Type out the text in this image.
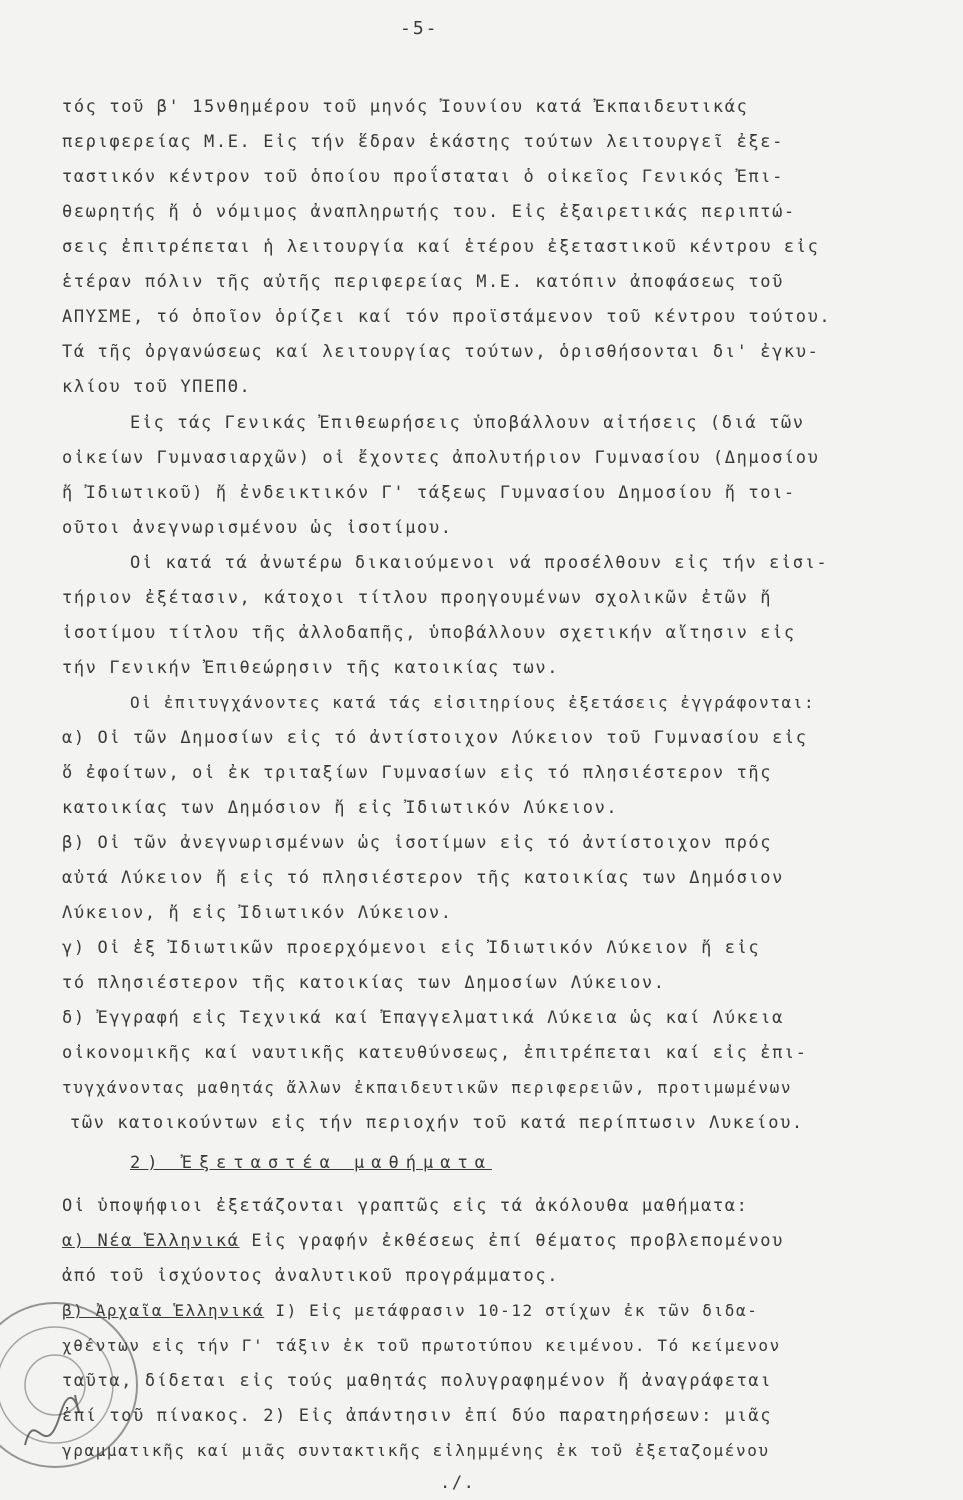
-5-
τός τοῦ β' 15νθημέρου τοῦ μηνός Ἰουνίου κατά Ἐκπαιδευτικάς
περιφερείας Μ.Ε. Εἰς τήν ἕδραν ἑκάστης τούτων λειτουργεῖ ἐξε-
ταστικόν κέντρον τοῦ ὁποίου προΐσταται ὁ οἰκεῖος Γενικός Ἐπι-
θεωρητής ἤ ὁ νόμιμος ἀναπληρωτής του. Εἰς ἐξαιρετικάς περιπτώ-
σεις ἐπιτρέπεται ἡ λειτουργία καί ἑτέρου ἐξεταστικοῦ κέντρου εἰς
ἑτέραν πόλιν τῆς αὐτῆς περιφερείας Μ.Ε. κατόπιν ἀποφάσεως τοῦ
ΑΠΥΣΜΕ, τό ὁποῖον ὁρίζει καί τόν προϊστάμενον τοῦ κέντρου τούτου.
Τά τῆς ὀργανώσεως καί λειτουργίας τούτων, ὁρισθήσονται δι' ἐγκυ-
κλίου τοῦ ΥΠΕΠΘ.
Εἰς τάς Γενικάς Ἐπιθεωρήσεις ὑποβάλλουν αἰτήσεις (διά τῶν
οἰκείων Γυμνασιαρχῶν) οἱ ἔχοντες ἀπολυτήριον Γυμνασίου (Δημοσίου
ἤ Ἰδιωτικοῦ) ἤ ἐνδεικτικόν Γ' τάξεως Γυμνασίου Δημοσίου ἤ τοι-
οῦτοι ἀνεγνωρισμένου ὡς ἰσοτίμου.
Οἱ κατά τά ἀνωτέρω δικαιούμενοι νά προσέλθουν εἰς τήν εἰσι-
τήριον ἐξέτασιν, κάτοχοι τίτλου προηγουμένων σχολικῶν ἐτῶν ἤ
ἰσοτίμου τίτλου τῆς ἀλλοδαπῆς, ὑποβάλλουν σχετικήν αἴτησιν εἰς
τήν Γενικήν Ἐπιθεώρησιν τῆς κατοικίας των.
Οἱ ἐπιτυγχάνοντες κατά τάς εἰσιτηρίους ἐξετάσεις ἐγγράφονται:
α) Οἱ τῶν Δημοσίων εἰς τό ἀντίστοιχον Λύκειον τοῦ Γυμνασίου εἰς
ὅ ἐφοίτων, οἱ ἐκ τριταξίων Γυμνασίων εἰς τό πλησιέστερον τῆς
κατοικίας των Δημόσιον ἤ εἰς Ἰδιωτικόν Λύκειον.
β) Οἱ τῶν ἀνεγνωρισμένων ὡς ἰσοτίμων εἰς τό ἀντίστοιχον πρός
αὐτά Λύκειον ἤ εἰς τό πλησιέστερον τῆς κατοικίας των Δημόσιον
Λύκειον, ἤ εἰς Ἰδιωτικόν Λύκειον.
γ) Οἱ ἐξ Ἰδιωτικῶν προερχόμενοι εἰς Ἰδιωτικόν Λύκειον ἤ εἰς
τό πλησιέστερον τῆς κατοικίας των Δημοσίων Λύκειον.
δ) Ἐγγραφή εἰς Τεχνικά καί Ἐπαγγελματικά Λύκεια ὡς καί Λύκεια
οἰκονομικῆς καί ναυτικῆς κατευθύνσεως, ἐπιτρέπεται καί εἰς ἐπι-
τυγχάνοντας μαθητάς ἄλλων ἐκπαιδευτικῶν περιφερειῶν, προτιμωμένων
τῶν κατοικούντων εἰς τήν περιοχήν τοῦ κατά περίπτωσιν Λυκείου.
2) Ἐξεταστέα μαθήματα
Οἱ ὑποψήφιοι ἐξετάζονται γραπτῶς εἰς τά ἀκόλουθα μαθήματα:
α) Νέα Ἑλληνικά Εἰς γραφήν ἐκθέσεως ἐπί θέματος προβλεπομένου
ἀπό τοῦ ἰσχύοντος ἀναλυτικοῦ προγράμματος.
β) Ἀρχαῖα Ἑλληνικά Ι) Εἰς μετάφρασιν 10-12 στίχων ἐκ τῶν διδα-
χθέντων εἰς τήν Γ' τάξιν ἐκ τοῦ πρωτοτύπου κειμένου. Τό κείμενον
ταῦτα, δίδεται εἰς τούς μαθητάς πολυγραφημένον ἤ ἀναγράφεται
ἐπί τοῦ πίνακος. 2) Εἰς ἀπάντησιν ἐπί δύο παρατηρήσεων: μιᾶς
γραμματικῆς καί μιᾶς συντακτικῆς εἰλημμένης ἐκ τοῦ ἐξεταζομένου
./.
